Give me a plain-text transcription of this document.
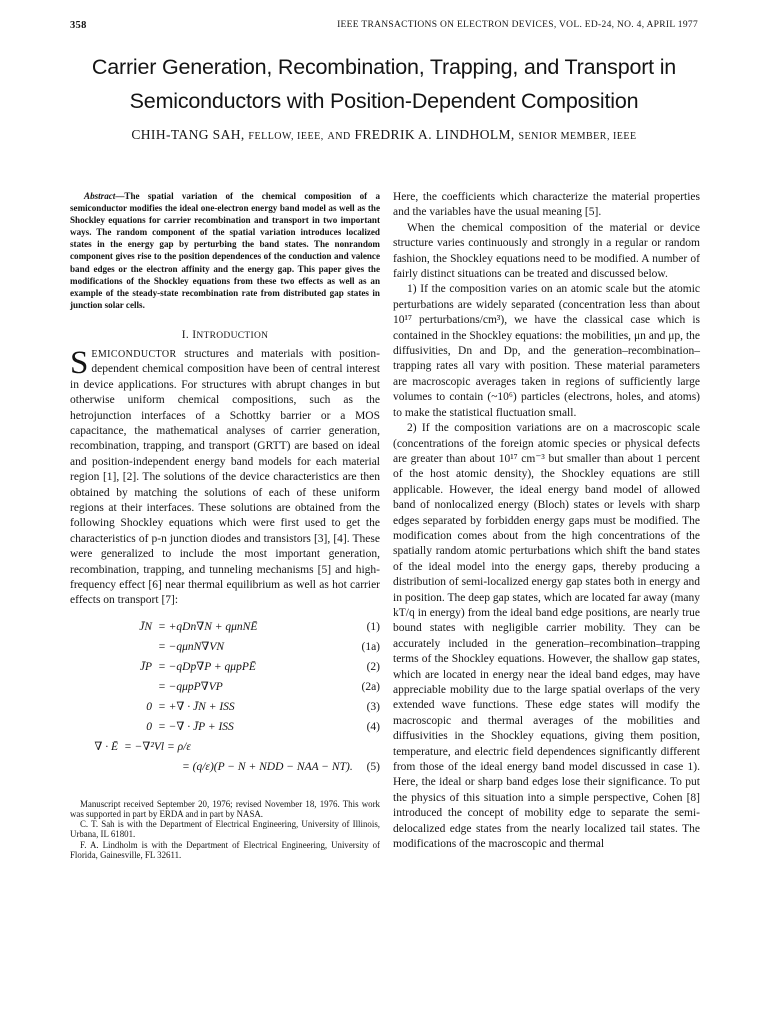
358	IEEE TRANSACTIONS ON ELECTRON DEVICES, VOL. ED-24, NO. 4, APRIL 1977
Carrier Generation, Recombination, Trapping, and Transport in
Semiconductors with Position-Dependent Composition
CHIH-TANG SAH, FELLOW, IEEE, AND FREDRIK A. LINDHOLM, SENIOR MEMBER, IEEE

Abstract—The spatial variation of the chemical composition of a semiconductor modifies the ideal one-electron energy band model as well as the Shockley equations for carrier recombination and transport in two important ways. The random component of the spatial variation introduces localized states in the energy gap by perturbing the band states. The nonrandom component gives rise to the position dependences of the conduction and valence band edges or the electron affinity and the energy gap. This paper gives the modifications of the Shockley equations from these two effects as well as an example of the steady-state recombination rate from distributed gap states in junction solar cells.

I. INTRODUCTION

SEMICONDUCTOR structures and materials with position-dependent chemical composition have been of central interest in device applications. For structures with abrupt changes in but otherwise uniform chemical compositions, such as the hetrojunction interfaces of a Schottky barrier or a MOS capacitance, the mathematical analyses of carrier generation, recombination, trapping, and transport (GRTT) are based on ideal and position-independent energy band models for each material region [1], [2]. The solutions of the device characteristics are then obtained by matching the solutions of each of these uniform regions at their interfaces. These solutions are obtained from the following Shockley equations which were first used to get the characteristics of p-n junction diodes and transistors [3], [4]. These were generalized to include the most important generation, recombination, trapping, and tunneling mechanisms [5] and high-frequency effect [6] near thermal equilibrium as well as hot carrier effects on transport [7]:

J̄N = +qDn∇N + qμnNĒ	(1)
= −qμnN∇VN	(1a)
J̄P = −qDp∇P + qμpPĒ	(2)
= −qμpP∇VP	(2a)
0 = +∇ · J̄N + ISS	(3)
0 = −∇ · J̄P + ISS	(4)
∇ · Ē = −∇²Vl = ρ/ε
= (q/ε)(P − N + NDD − NAA − NT). (5)

Manuscript received September 20, 1976; revised November 18, 1976. This work was supported in part by ERDA and in part by NASA.

C. T. Sah is with the Department of Electrical Engineering, University of Illinois, Urbana, IL 61801.

F. A. Lindholm is with the Department of Electrical Engineering, University of Florida, Gainesville, FL 32611.

Here, the coefficients which characterize the material properties and the variables have the usual meaning [5].

When the chemical composition of the material or device structure varies continuously and strongly in a regular or random fashion, the Shockley equations need to be modified. A number of fairly distinct situations can be treated and discussed below.

1) If the composition varies on an atomic scale but the atomic perturbations are widely separated (concentration less than about 10¹⁷ perturbations/cm³), we have the classical case which is contained in the Shockley equations: the mobilities, μn and μp, the diffusivities, Dn and Dp, and the generation–recombination–trapping rates all vary with position. These material parameters are macroscopic averages taken in regions of sufficiently large volumes to contain (~10⁶) particles (electrons, holes, and atoms) to make the statistical fluctuation small.

2) If the composition variations are on a macroscopic scale (concentrations of the foreign atomic species or physical defects are greater than about 10¹⁷ cm⁻³ but smaller than about 1 percent of the host atomic density), the Shockley equations are still applicable. However, the ideal energy band model of allowed band of nonlocalized energy (Bloch) states or levels with sharp edges separated by forbidden energy gaps must be modified. The modification comes about from the high concentrations of the spatially random atomic perturbations which shift the band states of the ideal model into the energy gaps, thereby producing a distribution of semi-localized energy gap states both in energy and in position. The deep gap states, which are located far away (many kT/q in energy) from the ideal band edge positions, are nearly true bound states with negligible carrier mobility. They can be accurately included in the generation–recombination–trapping terms of the Shockley equations. However, the shallow gap states, which are located in energy near the ideal band edges, may have appreciable mobility due to the large spatial overlaps of the very extended wave functions. These edge states will modify the macroscopic and thermal averages of the mobilities and diffusivities in the Shockley equations, giving them position, temperature, and electric field dependences significantly different from those of the ideal energy band model discussed in case 1). Here, the ideal or sharp band edges lose their significance. To put the physics of this situation into a simple perspective, Cohen [8] introduced the concept of mobility edge to separate the semi-delocalized edge states from the nearly localized tail states. The modifications of the macroscopic and thermal
